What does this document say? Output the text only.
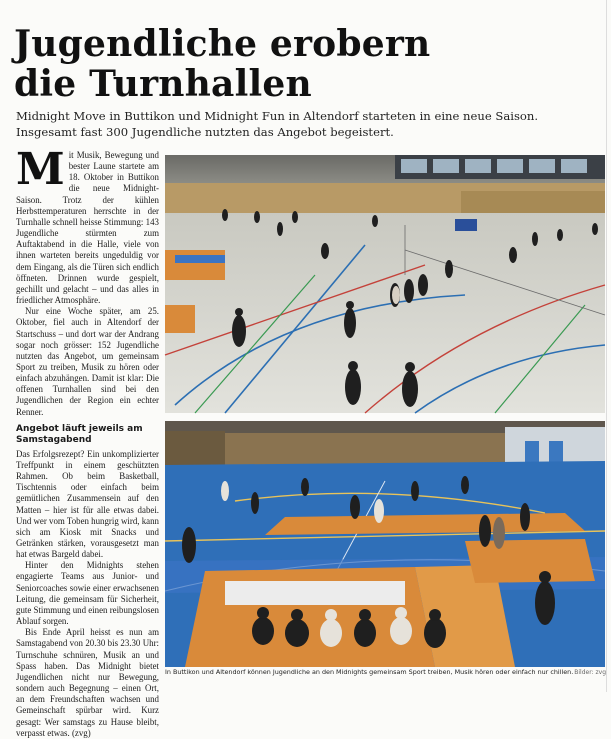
Jugendliche erobern
die Turnhallen
Midnight Move in Buttikon und Midnight Fun in Altendorf starteten in eine neue Saison. Insgesamt fast 300 Jugendliche nutzten das Angebot begeistert.

Mit Musik, Bewegung und bester Laune startete am 18. Oktober in Buttikon die neue Midnight-Saison. Trotz der kühlen Herbsttemperaturen herrschte in der Turnhalle schnell heisse Stimmung: 143 Jugendliche stürmten zum Auftaktabend in die Halle, viele von ihnen warteten bereits ungeduldig vor dem Eingang, als die Türen sich endlich öffneten. Drinnen wurde gespielt, gechillt und gelacht – und das alles in friedlicher Atmosphäre.

Nur eine Woche später, am 25. Oktober, fiel auch in Altendorf der Startschuss – und dort war der Andrang sogar noch grösser: 152 Jugendliche nutzten das Angebot, um gemeinsam Sport zu treiben, Musik zu hören oder einfach abzuhängen. Damit ist klar: Die offenen Turnhallen sind bei den Jugendlichen der Region ein echter Renner.

Angebot läuft jeweils am Samstagabend

Das Erfolgsrezept? Ein unkomplizierter Treffpunkt in einem geschützten Rahmen. Ob beim Basketball, Tischtennis oder einfach beim gemütlichen Zusammensein auf den Matten – hier ist für alle etwas dabei. Und wer vom Toben hungrig wird, kann sich am Kiosk mit Snacks und Getränken stärken, vorausgesetzt man hat etwas Bargeld dabei.

Hinter den Midnights stehen engagierte Teams aus Junior- und Seniorcoaches sowie einer erwachsenen Leitung, die gemeinsam für Sicherheit, gute Stimmung und einen reibungslosen Ablauf sorgen.

Bis Ende April heisst es nun am Samstagabend von 20.30 bis 23.30 Uhr: Turnschuhe schnüren, Musik an und Spass haben. Das Midnight bietet Jugendlichen nicht nur Bewegung, sondern auch Begegnung – einen Ort, an dem Freundschaften wachsen und Gemeinschaft spürbar wird. Kurz gesagt: Wer samstags zu Hause bleibt, verpasst etwas. (zvg)

In Buttikon und Altendorf können Jugendliche an den Midnights gemeinsam Sport treiben, Musik hören oder einfach nur chillen. Bilder: zvg
